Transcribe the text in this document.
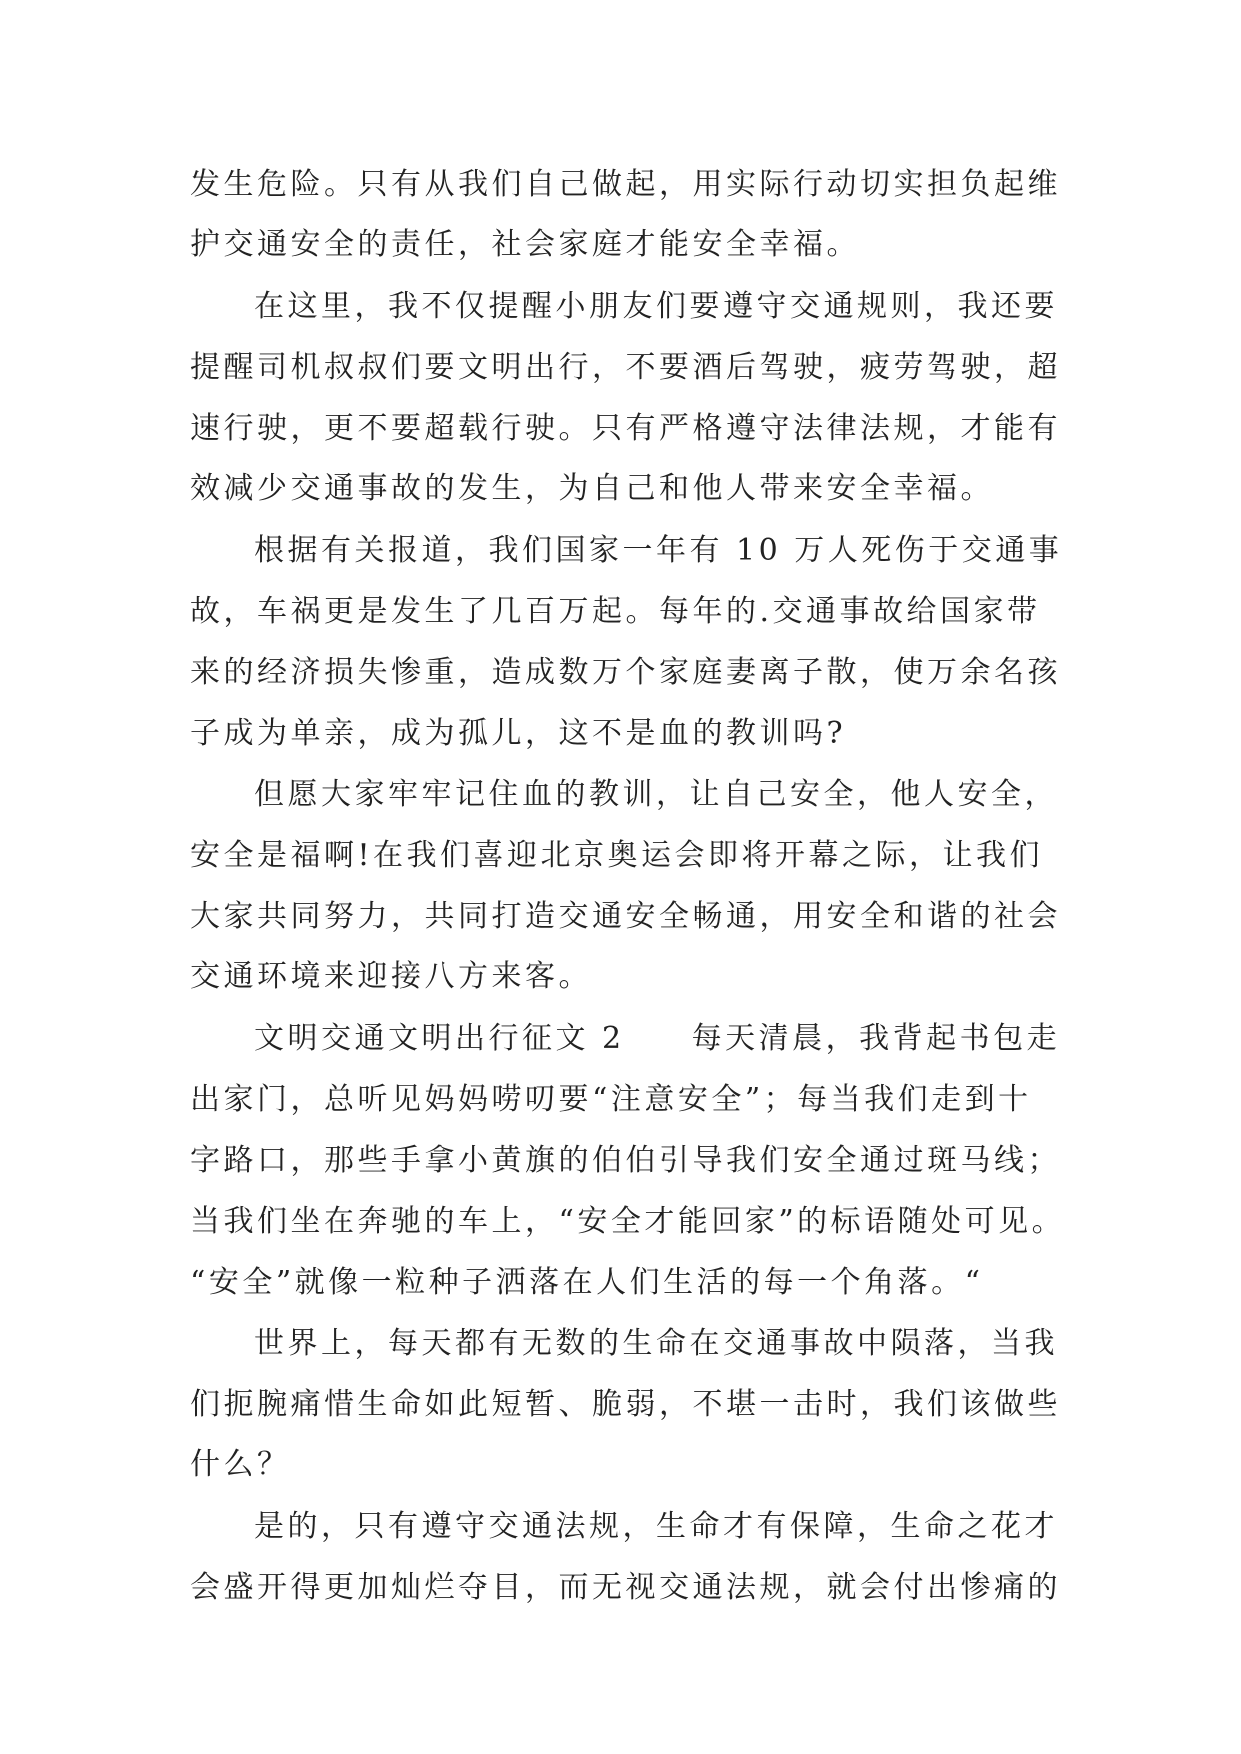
发生危险。只有从我们自己做起，用实际行动切实担负起维
护交通安全的责任，社会家庭才能安全幸福。
在这里，我不仅提醒小朋友们要遵守交通规则，我还要
提醒司机叔叔们要文明出行，不要酒后驾驶，疲劳驾驶，超
速行驶，更不要超载行驶。只有严格遵守法律法规，才能有
效减少交通事故的发生，为自己和他人带来安全幸福。
根据有关报道，我们国家一年有 10 万人死伤于交通事
故，车祸更是发生了几百万起。每年的.交通事故给国家带
来的经济损失惨重，造成数万个家庭妻离子散，使万余名孩
子成为单亲，成为孤儿，这不是血的教训吗?
但愿大家牢牢记住血的教训，让自己安全，他人安全，
安全是福啊!在我们喜迎北京奥运会即将开幕之际，让我们
大家共同努力，共同打造交通安全畅通，用安全和谐的社会
交通环境来迎接八方来客。
文明交通文明出行征文 2　　每天清晨，我背起书包走
出家门，总听见妈妈唠叨要“注意安全”；每当我们走到十
字路口，那些手拿小黄旗的伯伯引导我们安全通过斑马线；
当我们坐在奔驰的车上，“安全才能回家”的标语随处可见。
“安全”就像一粒种子洒落在人们生活的每一个角落。“
世界上，每天都有无数的生命在交通事故中陨落，当我
们扼腕痛惜生命如此短暂、脆弱，不堪一击时，我们该做些
什么？
是的，只有遵守交通法规，生命才有保障，生命之花才
会盛开得更加灿烂夺目，而无视交通法规，就会付出惨痛的
